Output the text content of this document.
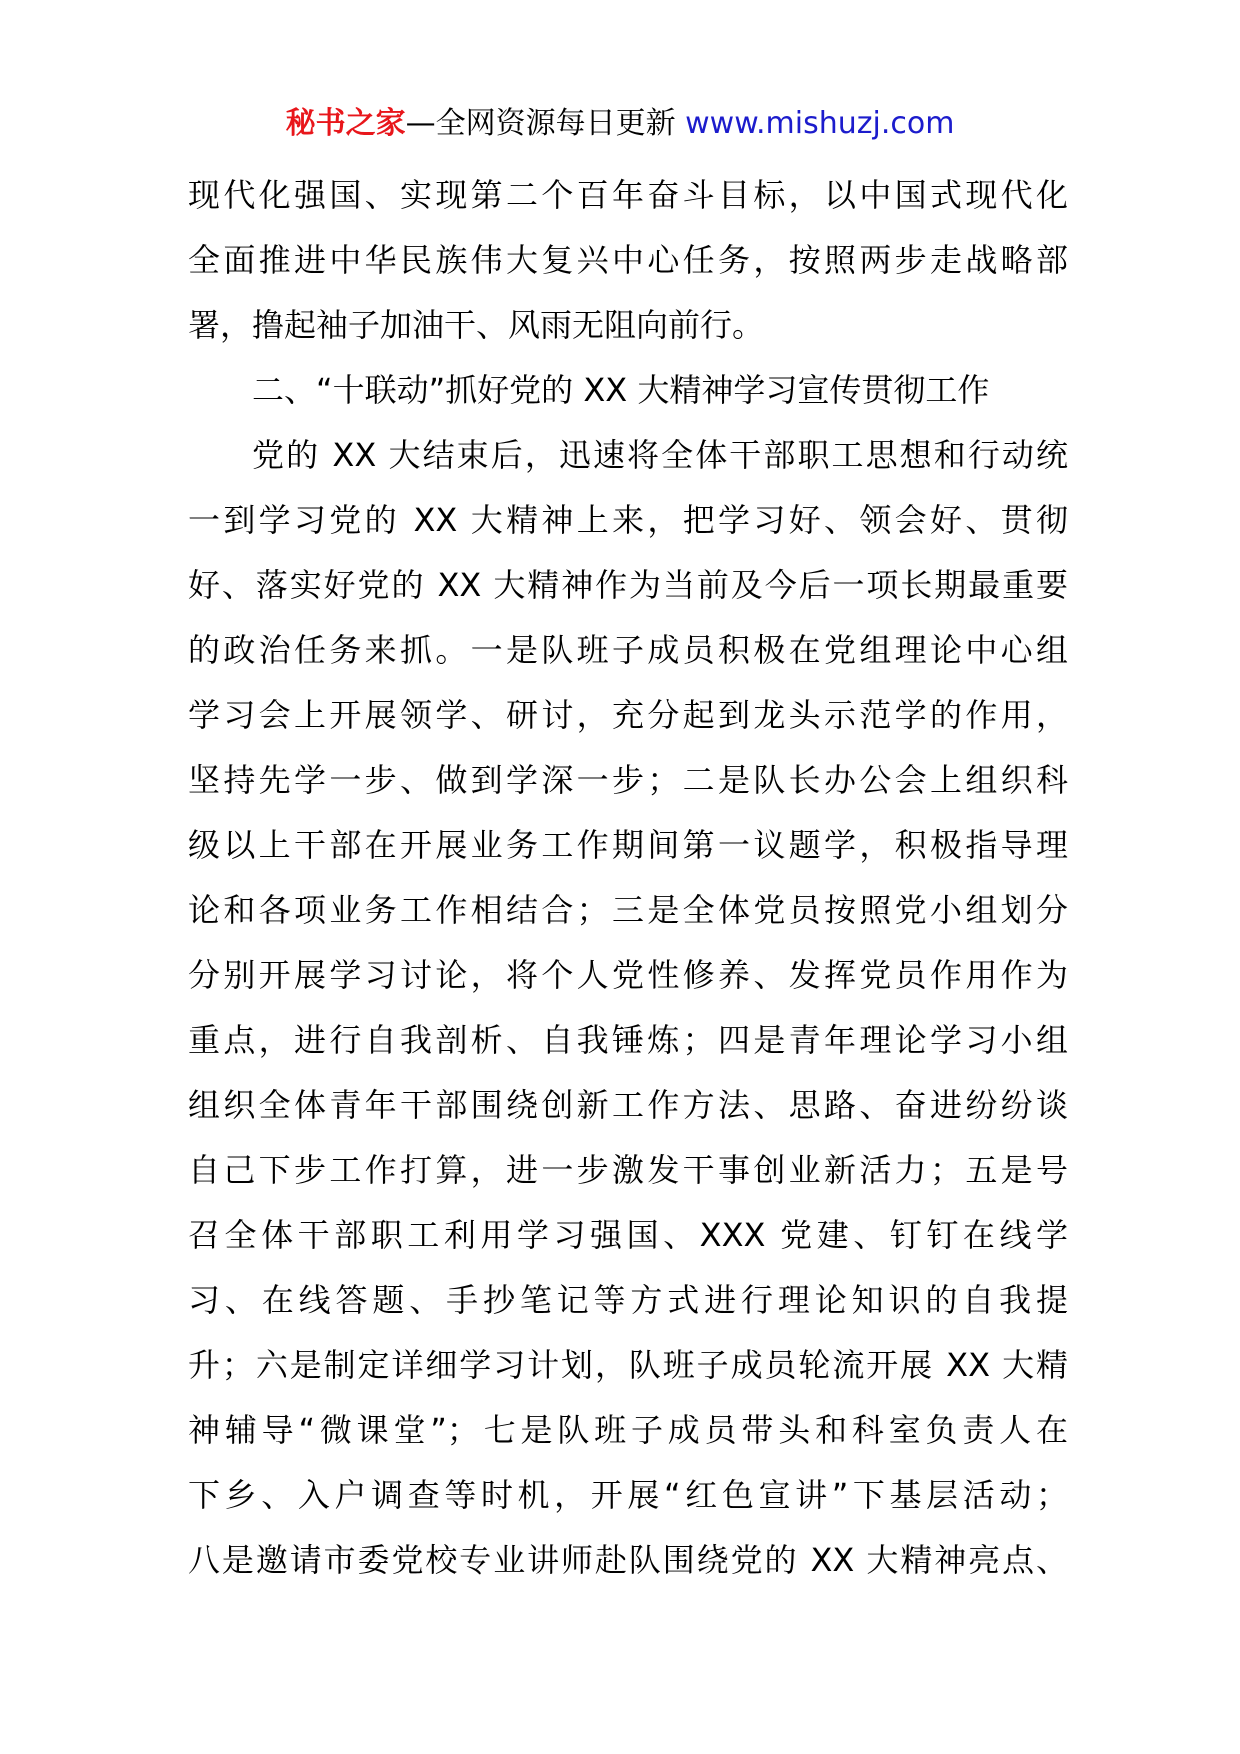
秘书之家—全网资源每日更新 www.mishuzj.com
现代化强国、实现第二个百年奋斗目标，以中国式现代化
全面推进中华民族伟大复兴中心任务，按照两步走战略部
署，撸起袖子加油干、风雨无阻向前行。
二、“十联动”抓好党的 XX 大精神学习宣传贯彻工作
党的 XX 大结束后，迅速将全体干部职工思想和行动统
一到学习党的 XX 大精神上来，把学习好、领会好、贯彻
好、落实好党的 XX 大精神作为当前及今后一项长期最重要
的政治任务来抓。一是队班子成员积极在党组理论中心组
学习会上开展领学、研讨，充分起到龙头示范学的作用，
坚持先学一步、做到学深一步；二是队长办公会上组织科
级以上干部在开展业务工作期间第一议题学，积极指导理
论和各项业务工作相结合；三是全体党员按照党小组划分
分别开展学习讨论，将个人党性修养、发挥党员作用作为
重点，进行自我剖析、自我锤炼；四是青年理论学习小组
组织全体青年干部围绕创新工作方法、思路、奋进纷纷谈
自己下步工作打算，进一步激发干事创业新活力；五是号
召全体干部职工利用学习强国、XXX 党建、钉钉在线学
习、在线答题、手抄笔记等方式进行理论知识的自我提
升；六是制定详细学习计划，队班子成员轮流开展 XX 大精
神辅导“微课堂”；七是队班子成员带头和科室负责人在
下乡、入户调查等时机，开展“红色宣讲”下基层活动；
八是邀请市委党校专业讲师赴队围绕党的 XX 大精神亮点、
